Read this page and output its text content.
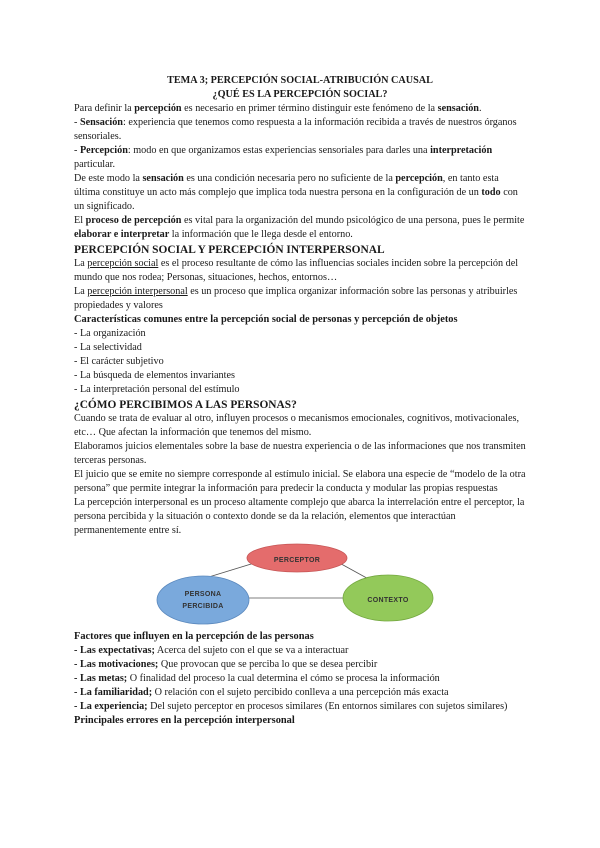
TEMA 3; PERCEPCIÓN SOCIAL-ATRIBUCIÓN CAUSAL

¿QUÉ ES LA PERCEPCIÓN SOCIAL?

Para definir la percepción es necesario en primer término distinguir este fenómeno de la sensación.

- Sensación: experiencia que tenemos como respuesta a la información recibida a través de nuestros órganos sensoriales.

- Percepción: modo en que organizamos estas experiencias sensoriales para darles una interpretación particular.

De este modo la sensación es una condición necesaria pero no suficiente de la percepción, en tanto esta última constituye un acto más complejo que implica toda nuestra persona en la configuración de un todo con un significado.

El proceso de percepción es vital para la organización del mundo psicológico de una persona, pues le permite elaborar e interpretar la información que le llega desde el entorno.

PERCEPCIÓN SOCIAL Y PERCEPCIÓN INTERPERSONAL

La percepción social es el proceso resultante de cómo las influencias sociales inciden sobre la percepción del mundo que nos rodea; Personas, situaciones, hechos, entornos…

La percepción interpersonal es un proceso que implica organizar información sobre las personas y atribuirles propiedades y valores

Características comunes entre la percepción social de personas y percepción de objetos

- La organización

- La selectividad

- El carácter subjetivo

- La búsqueda de elementos invariantes

- La interpretación personal del estímulo

¿CÓMO PERCIBIMOS A LAS PERSONAS?

Cuando se trata de evaluar al otro, influyen procesos o mecanismos emocionales, cognitivos, motivacionales, etc… Que afectan la información que tenemos del mismo.

Elaboramos juicios elementales sobre la base de nuestra experiencia o de las informaciones que nos transmiten terceras personas.

El juicio que se emite no siempre corresponde al estímulo inicial. Se elabora una especie de “modelo de la otra persona” que permite integrar la información para predecir la conducta y modular las propias respuestas

La percepción interpersonal es un proceso altamente complejo que abarca la interrelación entre el perceptor, la persona percibida y la situación o contexto donde se da la relación, elementos que interactúan permanentemente entre sí.

PERCEPTOR
PERSONA
PERCIBIDA
CONTEXTO

Factores que influyen en la percepción de las personas

- Las expectativas; Acerca del sujeto con el que se va a interactuar

- Las motivaciones; Que provocan que se perciba lo que se desea percibir

- Las metas; O finalidad del proceso la cual determina el cómo se procesa la información

- La familiaridad; O relación con el sujeto percibido conlleva a una percepción más exacta

- La experiencia; Del sujeto perceptor en procesos similares (En entornos similares con sujetos similares)

Principales errores en la percepción interpersonal
